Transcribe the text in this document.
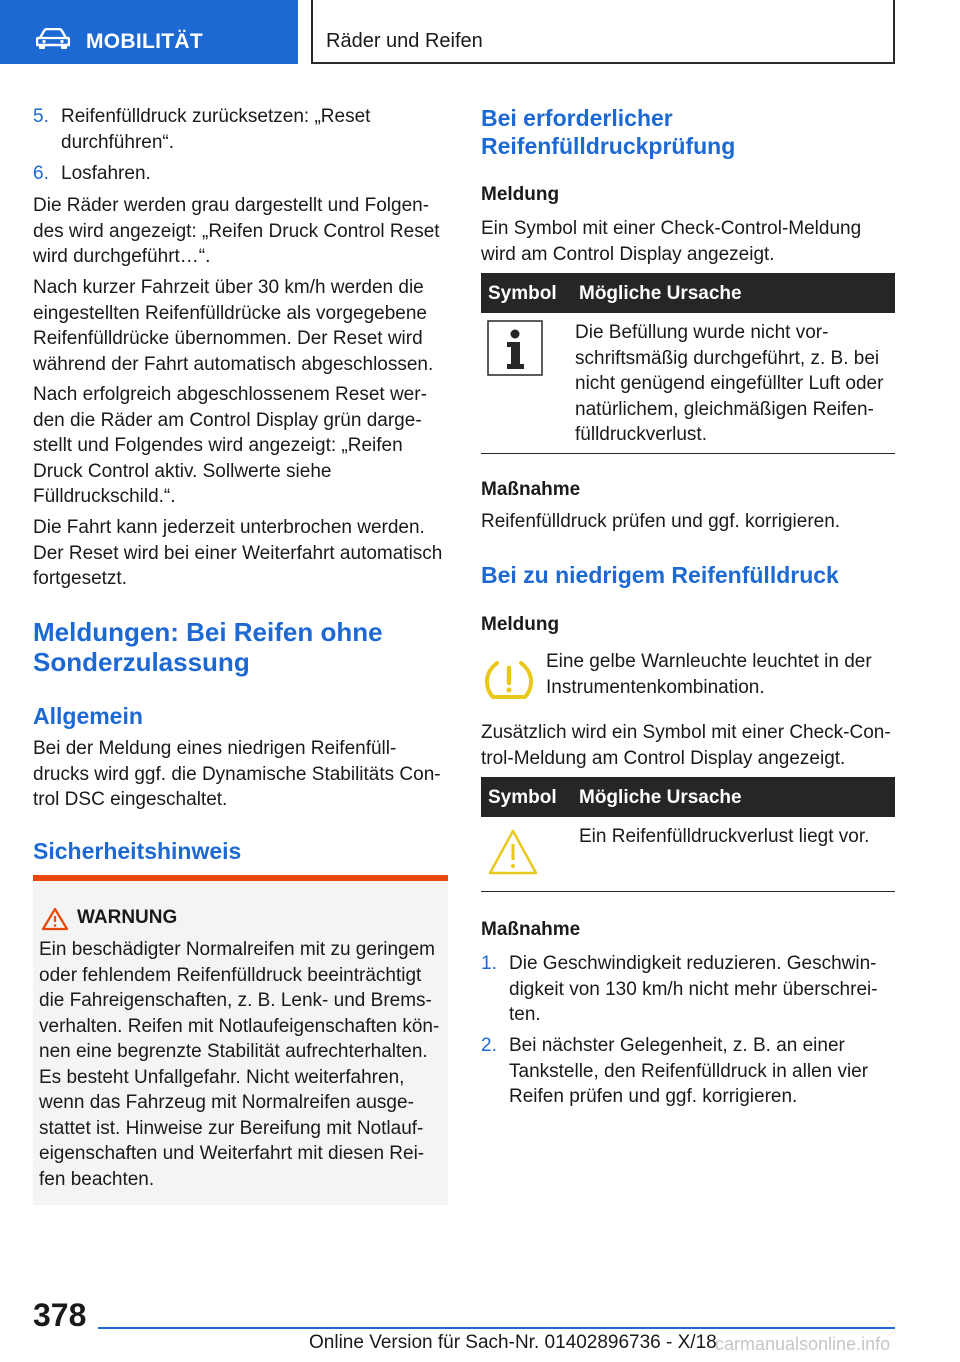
MOBILITÄT	Räder und Reifen
5. Reifenfülldruck zurücksetzen: „Reset
durchführen“.
6. Losfahren.
Die Räder werden grau dargestellt und Folgen‐
des wird angezeigt: „Reifen Druck Control Reset
wird durchgeführt…“.
Nach kurzer Fahrzeit über 30 km/h werden die
eingestellten Reifenfülldrücke als vorgegebene
Reifenfülldrücke übernommen. Der Reset wird
während der Fahrt automatisch abgeschlossen.
Nach erfolgreich abgeschlossenem Reset wer‐
den die Räder am Control Display grün darge‐
stellt und Folgendes wird angezeigt: „Reifen
Druck Control aktiv. Sollwerte siehe
Fülldruckschild.“.
Die Fahrt kann jederzeit unterbrochen werden.
Der Reset wird bei einer Weiterfahrt automatisch
fortgesetzt.
Meldungen: Bei Reifen ohne
Sonderzulassung
Allgemein
Bei der Meldung eines niedrigen Reifenfüll‐
drucks wird ggf. die Dynamische Stabilitäts Con‐
trol DSC eingeschaltet.
Sicherheitshinweis
WARNUNG
Ein beschädigter Normalreifen mit zu geringem
oder fehlendem Reifenfülldruck beeinträchtigt
die Fahreigenschaften, z. B. Lenk- und Brems‐
verhalten. Reifen mit Notlaufeigenschaften kön‐
nen eine begrenzte Stabilität aufrechterhalten.
Es besteht Unfallgefahr. Nicht weiterfahren,
wenn das Fahrzeug mit Normalreifen ausge‐
stattet ist. Hinweise zur Bereifung mit Notlauf‐
eigenschaften und Weiterfahrt mit diesen Rei‐
fen beachten.
Bei erforderlicher
Reifenfülldruckprüfung
Meldung
Ein Symbol mit einer Check-Control-Meldung
wird am Control Display angezeigt.
Symbol Mögliche Ursache
Die Befüllung wurde nicht vor‐
schriftsmäßig durchgeführt, z. B. bei
nicht genügend eingefüllter Luft oder
natürlichem, gleichmäßigen Reifen‐
fülldruckverlust.
Maßnahme
Reifenfülldruck prüfen und ggf. korrigieren.
Bei zu niedrigem Reifenfülldruck
Meldung
Eine gelbe Warnleuchte leuchtet in der
Instrumentenkombination.
Zusätzlich wird ein Symbol mit einer Check-Con‐
trol-Meldung am Control Display angezeigt.
Symbol Mögliche Ursache
Ein Reifenfülldruckverlust liegt vor.
Maßnahme
1. Die Geschwindigkeit reduzieren. Geschwin‐
digkeit von 130 km/h nicht mehr überschrei‐
ten.
2. Bei nächster Gelegenheit, z. B. an einer
Tankstelle, den Reifenfülldruck in allen vier
Reifen prüfen und ggf. korrigieren.
378
Online Version für Sach-Nr. 01402896736 - X/18
carmanualsonline.info
